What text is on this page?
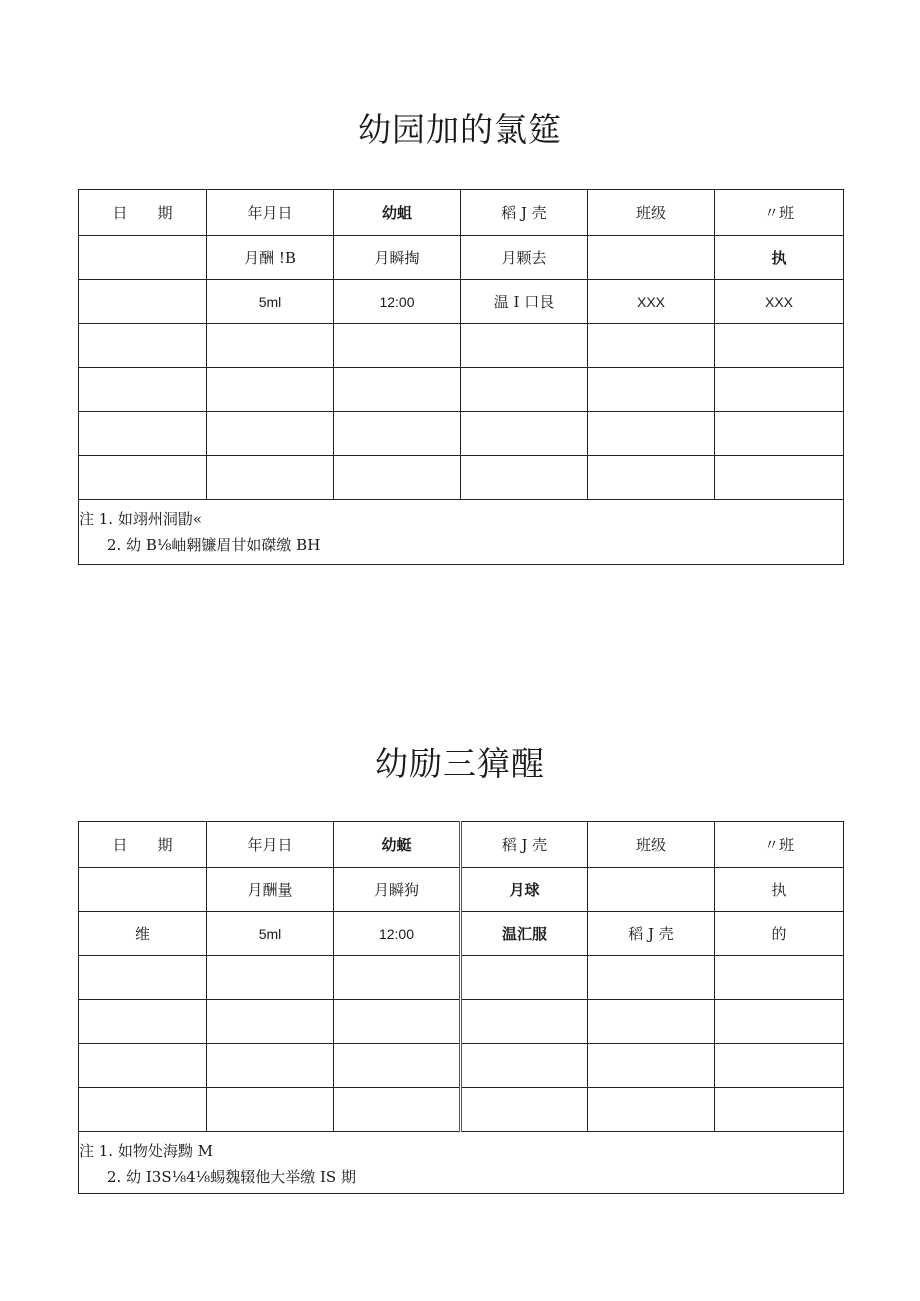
幼园加的氯筵
日　　期	年月日	幼蛆	稻 J 壳	班级	〃班
	月酬 !B	月瞬掏	月颗去		执
	5ml	12:00	温 I 口艮	XXX	XXX

注 1. 如翊州洞勖«
2. 幼 B⅛岫翱镰眉甘如磔缴 BH					
幼励三獐醒
日　　期	年月日	幼蜓	稻 J 壳	班级	〃班
	月酬量	月瞬狗	月球		执
维	5ml	12:00	温汇服	稻 J 壳	的

注 1. 如物处海黝 M
2. 幼 I3S⅛4⅛蜴魏辍他大举缴 IS 期					
